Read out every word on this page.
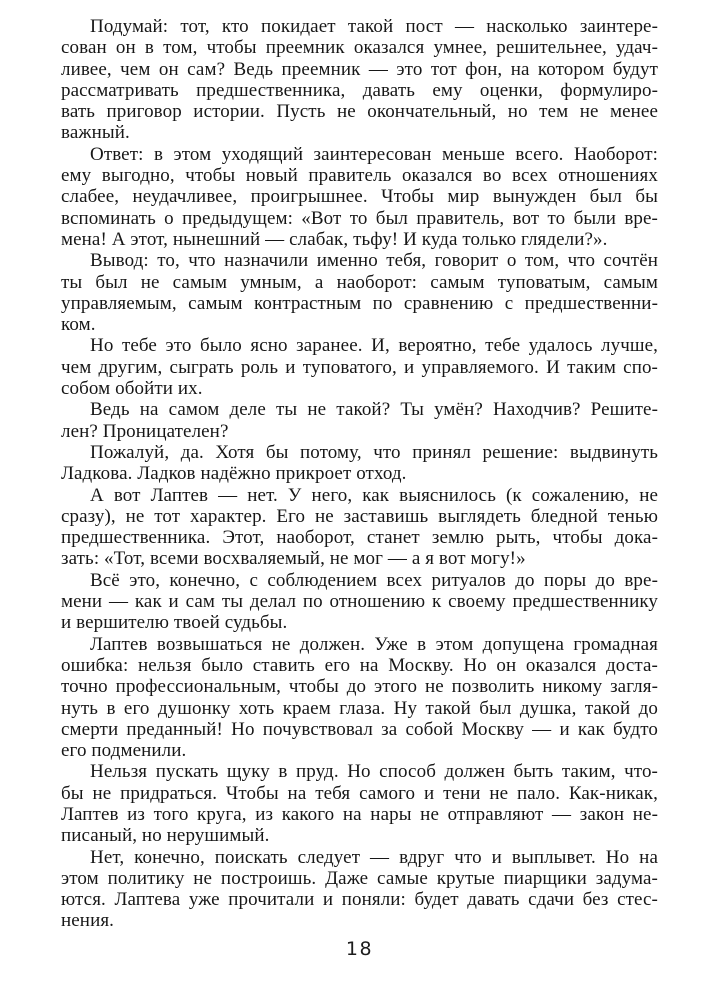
Подумай: тот, кто покидает такой пост — насколько заинтере-
сован он в том, чтобы преемник оказался умнее, решительнее, удач-
ливее, чем он сам? Ведь преемник — это тот фон, на котором будут
рассматривать предшественника, давать ему оценки, формулиро-
вать приговор истории. Пусть не окончательный, но тем не менее
важный.

Ответ: в этом уходящий заинтересован меньше всего. Наоборот:
ему выгодно, чтобы новый правитель оказался во всех отношениях
слабее, неудачливее, проигрышнее. Чтобы мир вынужден был бы
вспоминать о предыдущем: «Вот то был правитель, вот то были вре-
мена! А этот, нынешний — слабак, тьфу! И куда только глядели?».

Вывод: то, что назначили именно тебя, говорит о том, что сочтён
ты был не самым умным, а наоборот: самым туповатым, самым
управляемым, самым контрастным по сравнению с предшественни-
ком.

Но тебе это было ясно заранее. И, вероятно, тебе удалось лучше,
чем другим, сыграть роль и туповатого, и управляемого. И таким спо-
собом обойти их.

Ведь на самом деле ты не такой? Ты умён? Находчив? Решите-
лен? Проницателен?

Пожалуй, да. Хотя бы потому, что принял решение: выдвинуть
Ладкова. Ладков надёжно прикроет отход.

А вот Лаптев — нет. У него, как выяснилось (к сожалению, не
сразу), не тот характер. Его не заставишь выглядеть бледной тенью
предшественника. Этот, наоборот, станет землю рыть, чтобы дока-
зать: «Тот, всеми восхваляемый, не мог — а я вот могу!»

Всё это, конечно, с соблюдением всех ритуалов до поры до вре-
мени — как и сам ты делал по отношению к своему предшественнику
и вершителю твоей судьбы.

Лаптев возвышаться не должен. Уже в этом допущена громадная
ошибка: нельзя было ставить его на Москву. Но он оказался доста-
точно профессиональным, чтобы до этого не позволить никому загля-
нуть в его душонку хоть краем глаза. Ну такой был душка, такой до
смерти преданный! Но почувствовал за собой Москву — и как будто
его подменили.

Нельзя пускать щуку в пруд. Но способ должен быть таким, что-
бы не придраться. Чтобы на тебя самого и тени не пало. Как-никак,
Лаптев из того круга, из какого на нары не отправляют — закон не-
писаный, но нерушимый.

Нет, конечно, поискать следует — вдруг что и выплывет. Но на
этом политику не построишь. Даже самые крутые пиарщики задума-
ются. Лаптева уже прочитали и поняли: будет давать сдачи без стес-
нения.

18
